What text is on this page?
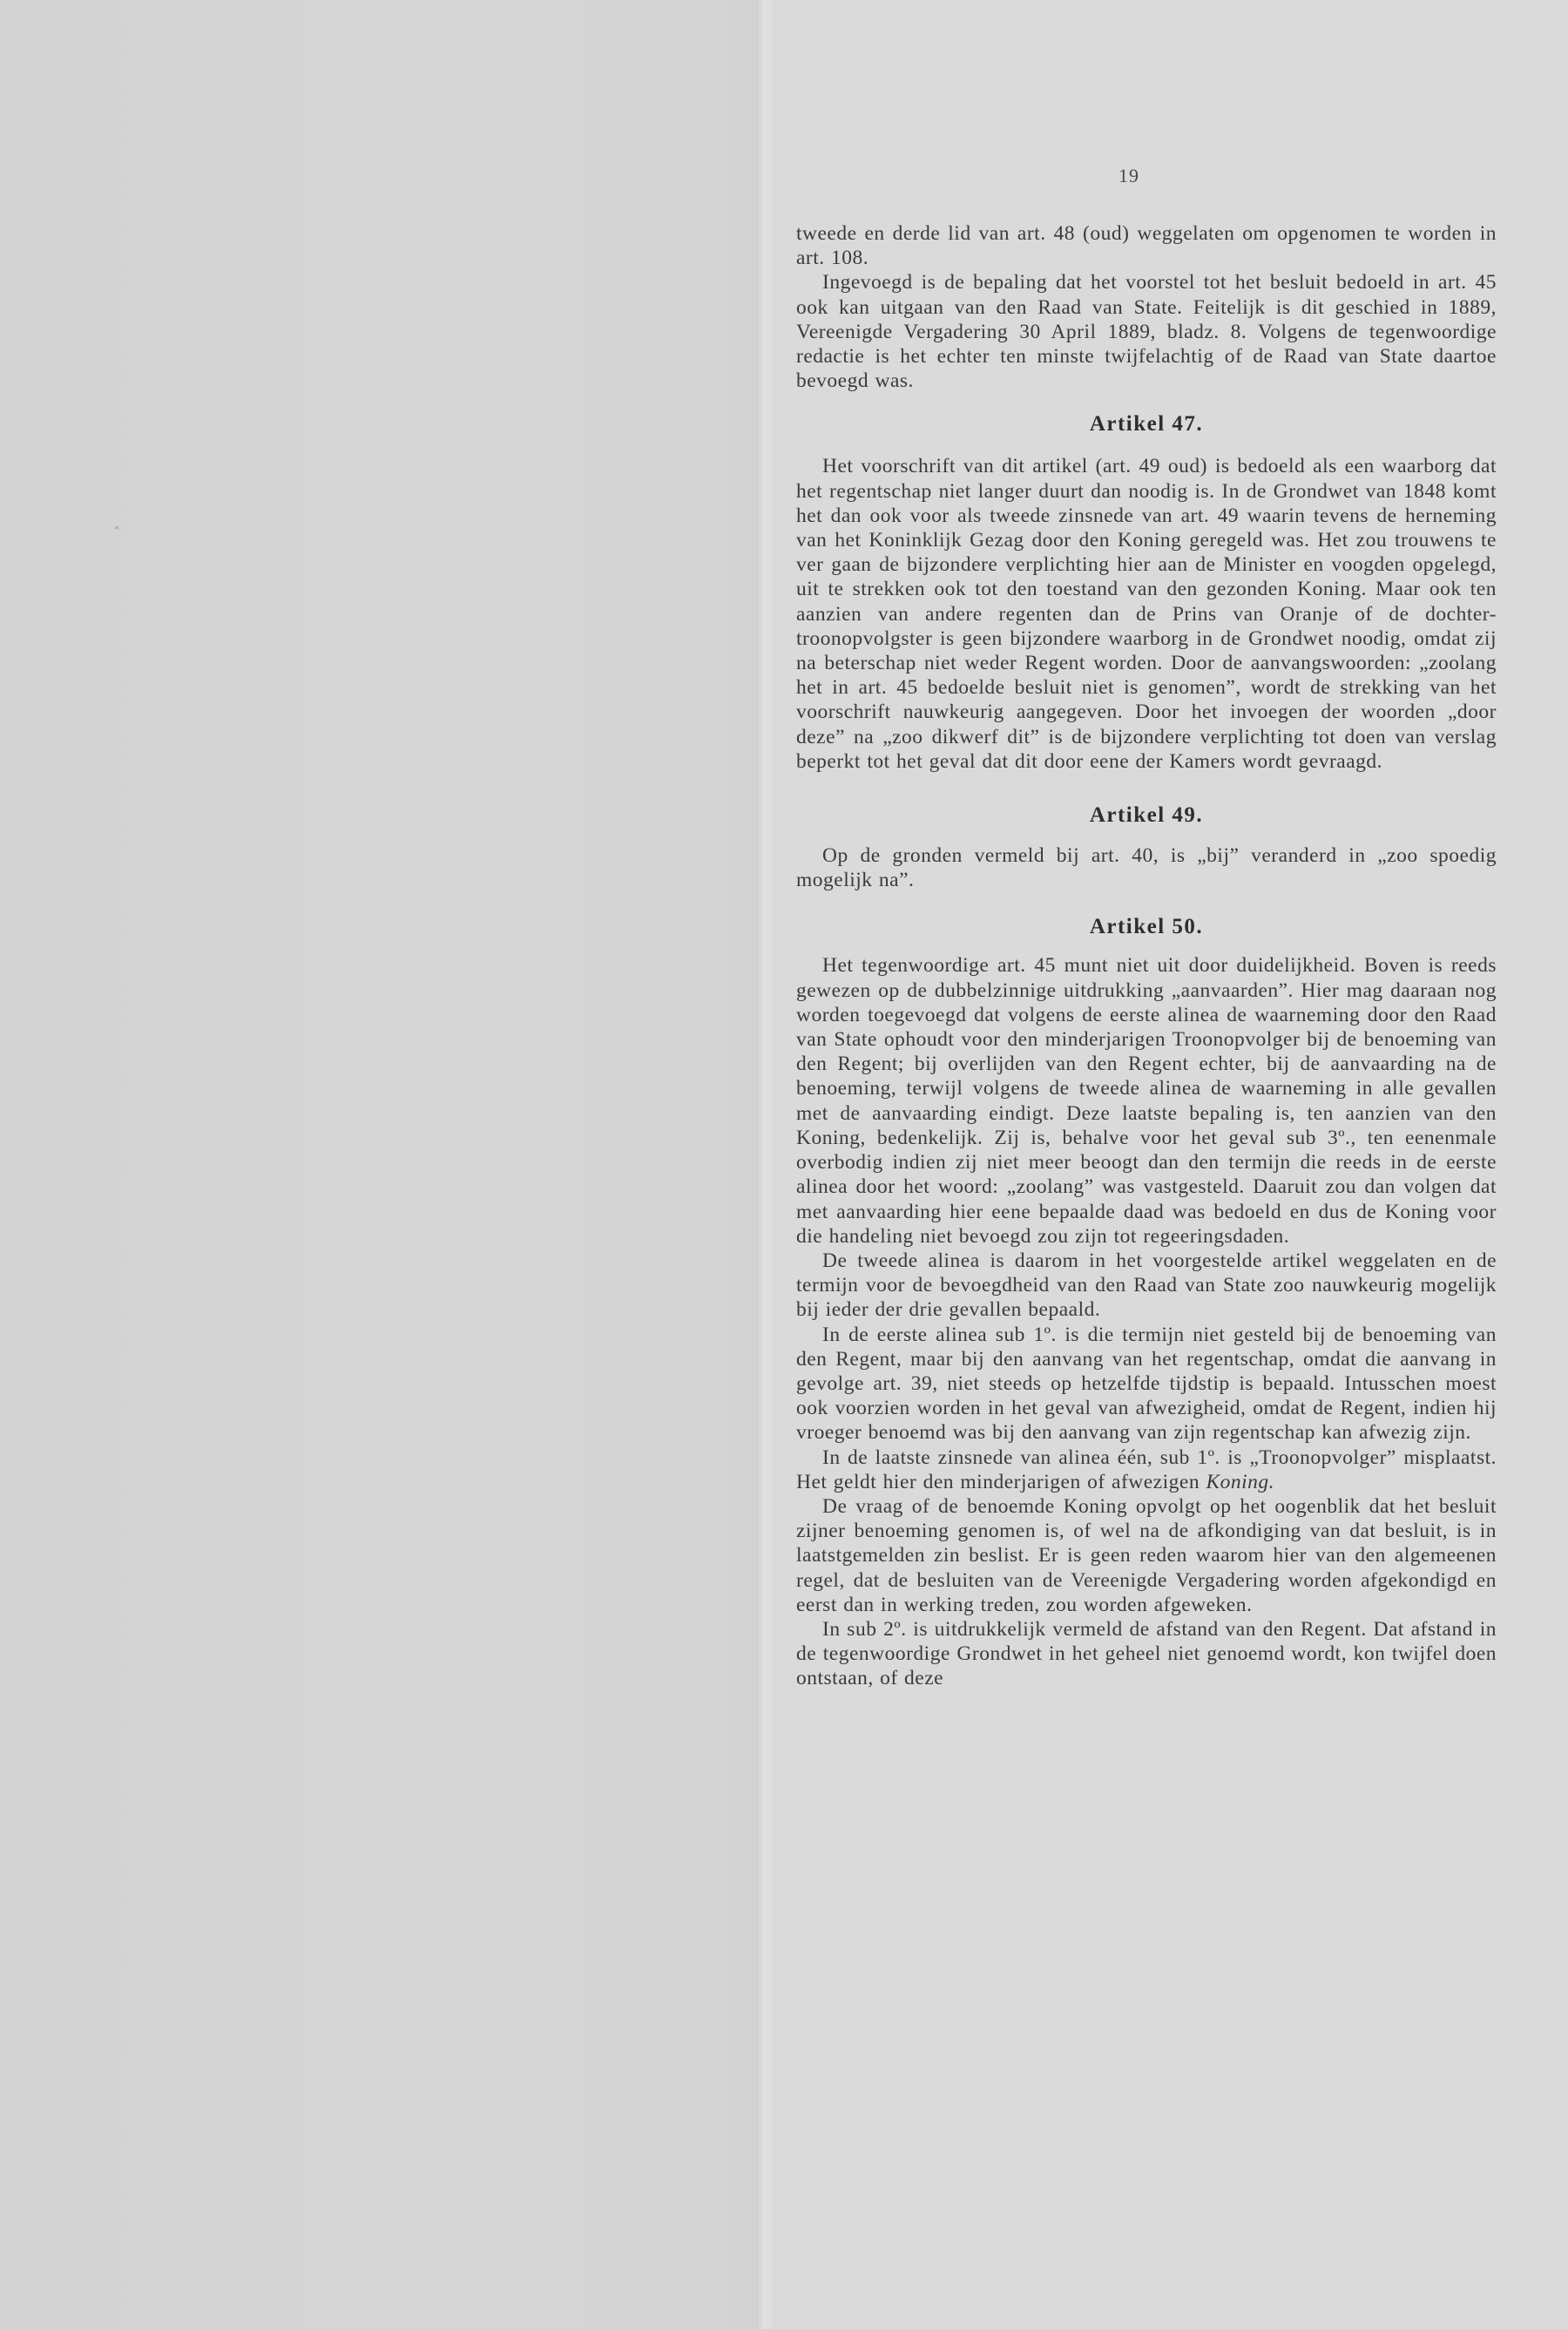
*
19

tweede en derde lid van art. 48 (oud) weggelaten om opgenomen te worden in art. 108.

Ingevoegd is de bepaling dat het voorstel tot het besluit bedoeld in art. 45 ook kan uitgaan van den Raad van State. Feitelijk is dit geschied in 1889, Vereenigde Vergadering 30 April 1889, bladz. 8. Volgens de tegenwoordige redactie is het echter ten minste twijfelachtig of de Raad van State daartoe bevoegd was.

Artikel 47.

Het voorschrift van dit artikel (art. 49 oud) is bedoeld als een waarborg dat het regentschap niet langer duurt dan noodig is. In de Grondwet van 1848 komt het dan ook voor als tweede zinsnede van art. 49 waarin tevens de herneming van het Koninklijk Gezag door den Koning geregeld was. Het zou trouwens te ver gaan de bijzondere verplichting hier aan de Minister en voogden opgelegd, uit te strekken ook tot den toestand van den gezonden Koning. Maar ook ten aanzien van andere regenten dan de Prins van Oranje of de dochter-troonopvolgster is geen bijzondere waarborg in de Grondwet noodig, omdat zij na beterschap niet weder Regent worden. Door de aanvangswoorden: „zoolang het in art. 45 bedoelde besluit niet is genomen”, wordt de strekking van het voorschrift nauwkeurig aangegeven. Door het invoegen der woorden „door deze” na „zoo dikwerf dit” is de bijzondere verplichting tot doen van verslag beperkt tot het geval dat dit door eene der Kamers wordt gevraagd.

Artikel 49.

Op de gronden vermeld bij art. 40, is „bij” veranderd in „zoo spoedig mogelijk na”.

Artikel 50.

Het tegenwoordige art. 45 munt niet uit door duidelijkheid. Boven is reeds gewezen op de dubbelzinnige uitdrukking „aanvaarden”. Hier mag daaraan nog worden toegevoegd dat volgens de eerste alinea de waarneming door den Raad van State ophoudt voor den minderjarigen Troonopvolger bij de benoeming van den Regent; bij overlijden van den Regent echter, bij de aanvaarding na de benoeming, terwijl volgens de tweede alinea de waarneming in alle gevallen met de aanvaarding eindigt. Deze laatste bepaling is, ten aanzien van den Koning, bedenkelijk. Zij is, behalve voor het geval sub 3º., ten eenenmale overbodig indien zij niet meer beoogt dan den termijn die reeds in de eerste alinea door het woord: „zoolang” was vastgesteld. Daaruit zou dan volgen dat met aanvaarding hier eene bepaalde daad was bedoeld en dus de Koning voor die handeling niet bevoegd zou zijn tot regeeringsdaden.

De tweede alinea is daarom in het voorgestelde artikel weggelaten en de termijn voor de bevoegdheid van den Raad van State zoo nauwkeurig mogelijk bij ieder der drie gevallen bepaald.

In de eerste alinea sub 1º. is die termijn niet gesteld bij de benoeming van den Regent, maar bij den aanvang van het regentschap, omdat die aanvang in gevolge art. 39, niet steeds op hetzelfde tijdstip is bepaald. Intusschen moest ook voorzien worden in het geval van afwezigheid, omdat de Regent, indien hij vroeger benoemd was bij den aanvang van zijn regentschap kan afwezig zijn.

In de laatste zinsnede van alinea één, sub 1º. is „Troonopvolger” misplaatst. Het geldt hier den minderjarigen of afwezigen Koning.

De vraag of de benoemde Koning opvolgt op het oogenblik dat het besluit zijner benoeming genomen is, of wel na de afkondiging van dat besluit, is in laatstgemelden zin beslist. Er is geen reden waarom hier van den algemeenen regel, dat de besluiten van de Vereenigde Vergadering worden afgekondigd en eerst dan in werking treden, zou worden afgeweken.

In sub 2º. is uitdrukkelijk vermeld de afstand van den Regent. Dat afstand in de tegenwoordige Grondwet in het geheel niet genoemd wordt, kon twijfel doen ontstaan, of deze
